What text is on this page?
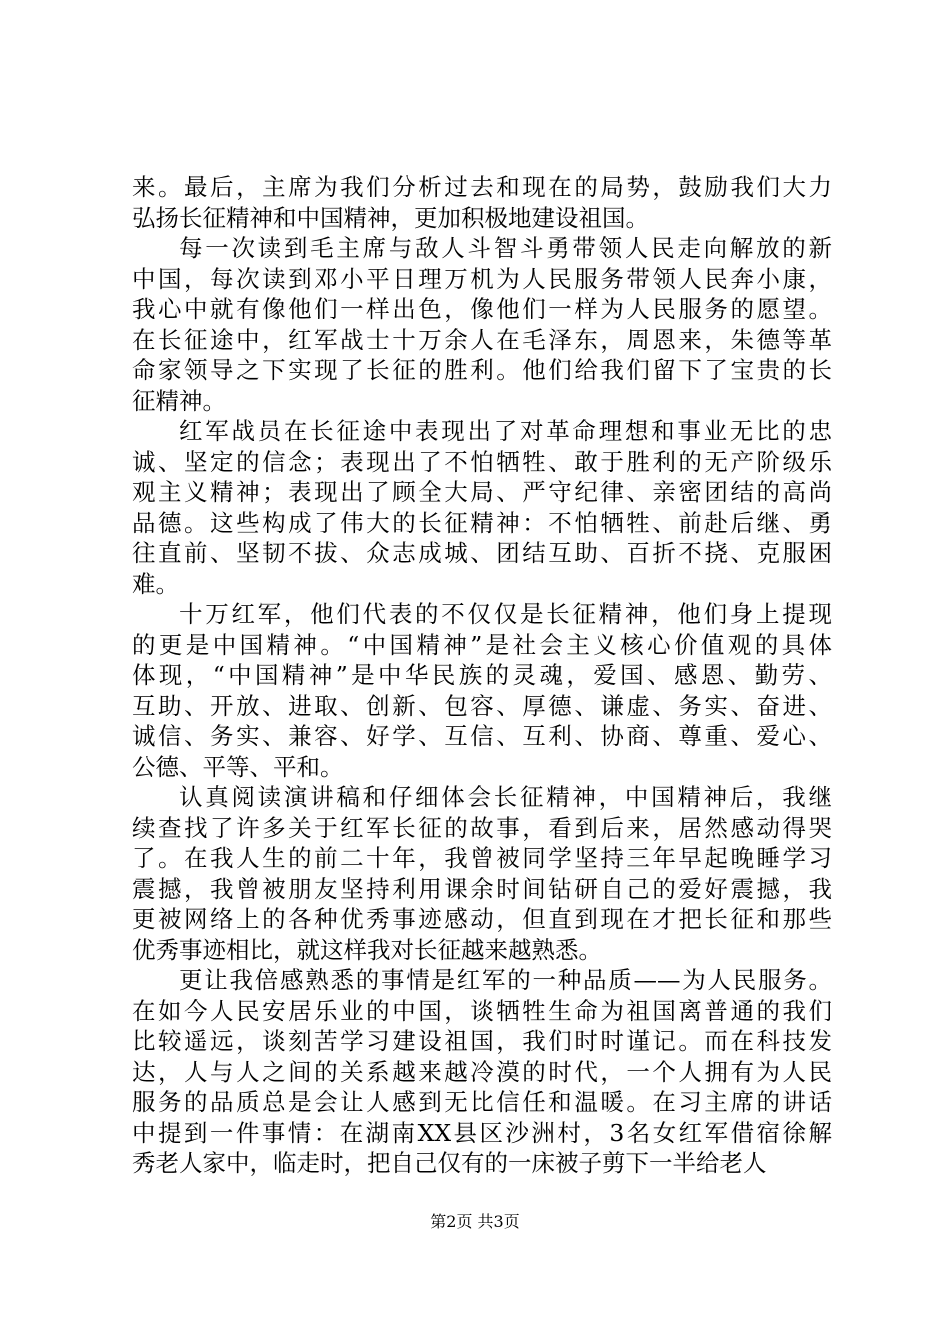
来。最后，主席为我们分析过去和现在的局势，鼓励我们大力
弘扬长征精神和中国精神，更加积极地建设祖国。
每一次读到毛主席与敌人斗智斗勇带领人民走向解放的新
中国，每次读到邓小平日理万机为人民服务带领人民奔小康，
我心中就有像他们一样出色，像他们一样为人民服务的愿望。
在长征途中，红军战士十万余人在毛泽东，周恩来，朱德等革
命家领导之下实现了长征的胜利。他们给我们留下了宝贵的长
征精神。
红军战员在长征途中表现出了对革命理想和事业无比的忠
诚、坚定的信念；表现出了不怕牺牲、敢于胜利的无产阶级乐
观主义精神；表现出了顾全大局、严守纪律、亲密团结的高尚
品德。这些构成了伟大的长征精神：不怕牺牲、前赴后继、勇
往直前、坚韧不拔、众志成城、团结互助、百折不挠、克服困
难。
十万红军，他们代表的不仅仅是长征精神，他们身上提现
的更是中国精神。“中国精神”是社会主义核心价值观的具体
体现，“中国精神”是中华民族的灵魂，爱国、感恩、勤劳、
互助、开放、进取、创新、包容、厚德、谦虚、务实、奋进、
诚信、务实、兼容、好学、互信、互利、协商、尊重、爱心、
公德、平等、平和。
认真阅读演讲稿和仔细体会长征精神，中国精神后，我继
续查找了许多关于红军长征的故事，看到后来，居然感动得哭
了。在我人生的前二十年，我曾被同学坚持三年早起晚睡学习
震撼，我曾被朋友坚持利用课余时间钻研自己的爱好震撼，我
更被网络上的各种优秀事迹感动，但直到现在才把长征和那些
优秀事迹相比，就这样我对长征越来越熟悉。
更让我倍感熟悉的事情是红军的一种品质——为人民服务。
在如今人民安居乐业的中国，谈牺牲生命为祖国离普通的我们
比较遥远，谈刻苦学习建设祖国，我们时时谨记。而在科技发
达，人与人之间的关系越来越冷漠的时代，一个人拥有为人民
服务的品质总是会让人感到无比信任和温暖。在习主席的讲话
中提到一件事情：在湖南XX县区沙洲村，3名女红军借宿徐解
秀老人家中，临走时，把自己仅有的一床被子剪下一半给老人
第2页 共3页
